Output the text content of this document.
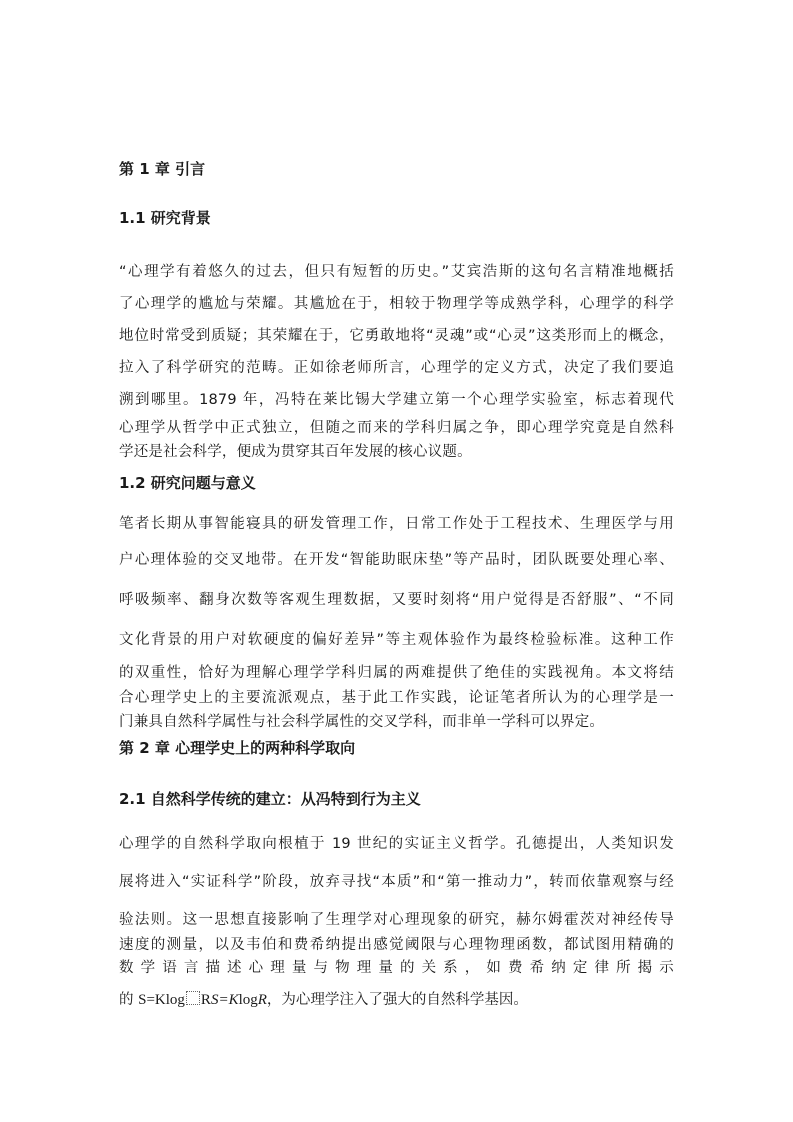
第 1 章 引言
1.1 研究背景
“心理学有着悠久的过去，但只有短暂的历史。”艾宾浩斯的这句名言精准地概括
了心理学的尴尬与荣耀。其尴尬在于，相较于物理学等成熟学科，心理学的科学
地位时常受到质疑；其荣耀在于，它勇敢地将“灵魂”或“心灵”这类形而上的概念，
拉入了科学研究的范畴。正如徐老师所言，心理学的定义方式，决定了我们要追
溯到哪里。1879 年，冯特在莱比锡大学建立第一个心理学实验室，标志着现代
心理学从哲学中正式独立，但随之而来的学科归属之争，即心理学究竟是自然科
学还是社会科学，便成为贯穿其百年发展的核心议题。
1.2 研究问题与意义
笔者长期从事智能寝具的研发管理工作，日常工作处于工程技术、生理医学与用
户心理体验的交叉地带。在开发“智能助眠床垫”等产品时，团队既要处理心率、
呼吸频率、翻身次数等客观生理数据，又要时刻将“用户觉得是否舒服”、“不同
文化背景的用户对软硬度的偏好差异”等主观体验作为最终检验标准。这种工作
的双重性，恰好为理解心理学学科归属的两难提供了绝佳的实践视角。本文将结
合心理学史上的主要流派观点，基于此工作实践，论证笔者所认为的心理学是一
门兼具自然科学属性与社会科学属性的交叉学科，而非单一学科可以界定。
第 2 章 心理学史上的两种科学取向
2.1 自然科学传统的建立：从冯特到行为主义
心理学的自然科学取向根植于 19 世纪的实证主义哲学。孔德提出，人类知识发
展将进入“实证科学”阶段，放弃寻找“本质”和“第一推动力”，转而依靠观察与经
验法则。这一思想直接影响了生理学对心理现象的研究，赫尔姆霍茨对神经传导
速度的测量，以及韦伯和费希纳提出感觉阈限与心理物理函数，都试图用精确的
数学语言描述心理量与物理量的关系，如费希纳定律所揭示
的 S=Klog RS=KlogR，为心理学注入了强大的自然科学基因。
